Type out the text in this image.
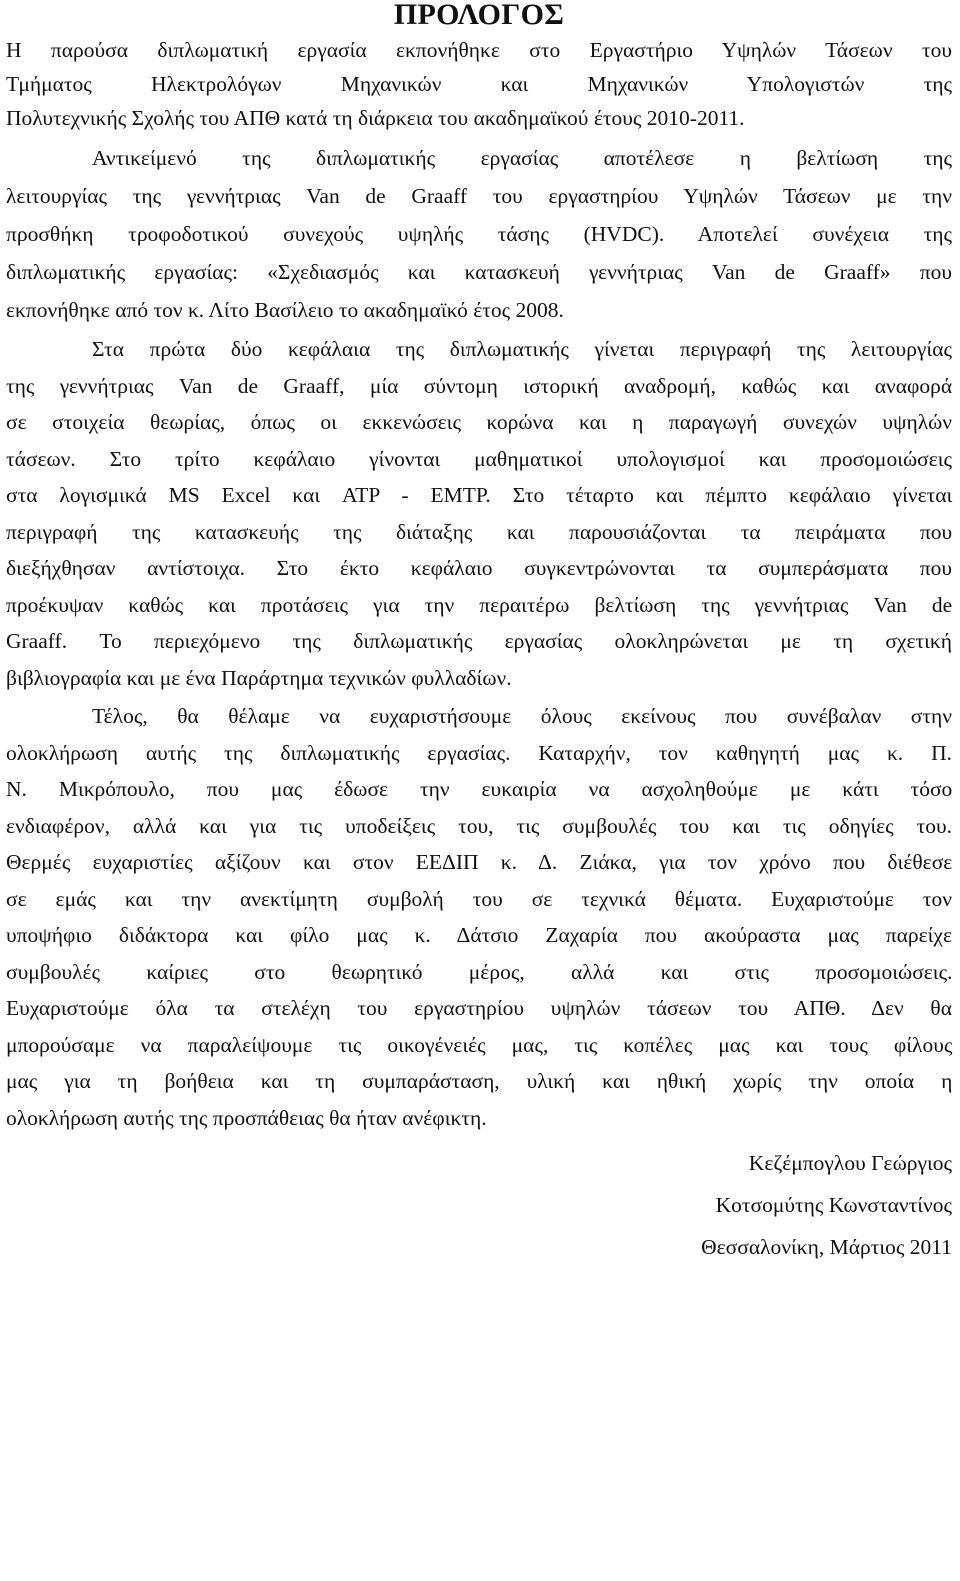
ΠΡΟΛΟΓΟΣ
Η παρούσα διπλωματική εργασία εκπονήθηκε στο Εργαστήριο Υψηλών Τάσεων του
Τμήματος Ηλεκτρολόγων Μηχανικών και Μηχανικών Υπολογιστών της
Πολυτεχνικής Σχολής του ΑΠΘ κατά τη διάρκεια του ακαδημαϊκού έτους 2010-2011.
Αντικείμενό της διπλωματικής εργασίας αποτέλεσε η βελτίωση της
λειτουργίας της γεννήτριας Van de Graaff του εργαστηρίου Υψηλών Τάσεων με την
προσθήκη τροφοδοτικού συνεχούς υψηλής τάσης (HVDC). Αποτελεί συνέχεια της
διπλωματικής εργασίας: «Σχεδιασμός και κατασκευή γεννήτριας Van de Graaff» που
εκπονήθηκε από τον κ. Λίτο Βασίλειο το ακαδημαϊκό έτος 2008.
Στα πρώτα δύο κεφάλαια της διπλωματικής γίνεται περιγραφή της λειτουργίας
της γεννήτριας Van de Graaff, μία σύντομη ιστορική αναδρομή, καθώς και αναφορά
σε στοιχεία θεωρίας, όπως οι εκκενώσεις κορώνα και η παραγωγή συνεχών υψηλών
τάσεων. Στο τρίτο κεφάλαιο γίνονται μαθηματικοί υπολογισμοί και προσομοιώσεις
στα λογισμικά MS Excel και ATP - EMTP. Στο τέταρτο και πέμπτο κεφάλαιο γίνεται
περιγραφή της κατασκευής της διάταξης και παρουσιάζονται τα πειράματα που
διεξήχθησαν αντίστοιχα. Στο έκτο κεφάλαιο συγκεντρώνονται τα συμπεράσματα που
προέκυψαν καθώς και προτάσεις για την περαιτέρω βελτίωση της γεννήτριας Van de
Graaff. Το περιεχόμενο της διπλωματικής εργασίας ολοκληρώνεται με τη σχετική
βιβλιογραφία και με ένα Παράρτημα τεχνικών φυλλαδίων.
Τέλος, θα θέλαμε να ευχαριστήσουμε όλους εκείνους που συνέβαλαν στην
ολοκλήρωση αυτής της διπλωματικής εργασίας. Καταρχήν, τον καθηγητή μας κ. Π.
Ν. Μικρόπουλο, που μας έδωσε την ευκαιρία να ασχοληθούμε με κάτι τόσο
ενδιαφέρον, αλλά και για τις υποδείξεις του, τις συμβουλές του και τις οδηγίες του.
Θερμές ευχαριστίες αξίζουν και στον ΕΕΔΙΠ κ. Δ. Ζιάκα, για τον χρόνο που διέθεσε
σε εμάς και την ανεκτίμητη συμβολή του σε τεχνικά θέματα. Ευχαριστούμε τον
υποψήφιο διδάκτορα και φίλο μας κ. Δάτσιο Ζαχαρία που ακούραστα μας παρείχε
συμβουλές καίριες στο θεωρητικό μέρος, αλλά και στις προσομοιώσεις.
Ευχαριστούμε όλα τα στελέχη του εργαστηρίου υψηλών τάσεων του ΑΠΘ. Δεν θα
μπορούσαμε να παραλείψουμε τις οικογένειές μας, τις κοπέλες μας και τους φίλους
μας για τη βοήθεια και τη συμπαράσταση, υλική και ηθική χωρίς την οποία η
ολοκλήρωση αυτής της προσπάθειας θα ήταν ανέφικτη.
Κεζέμπογλου Γεώργιος
Κοτσομύτης Κωνσταντίνος
Θεσσαλονίκη, Μάρτιος 2011
